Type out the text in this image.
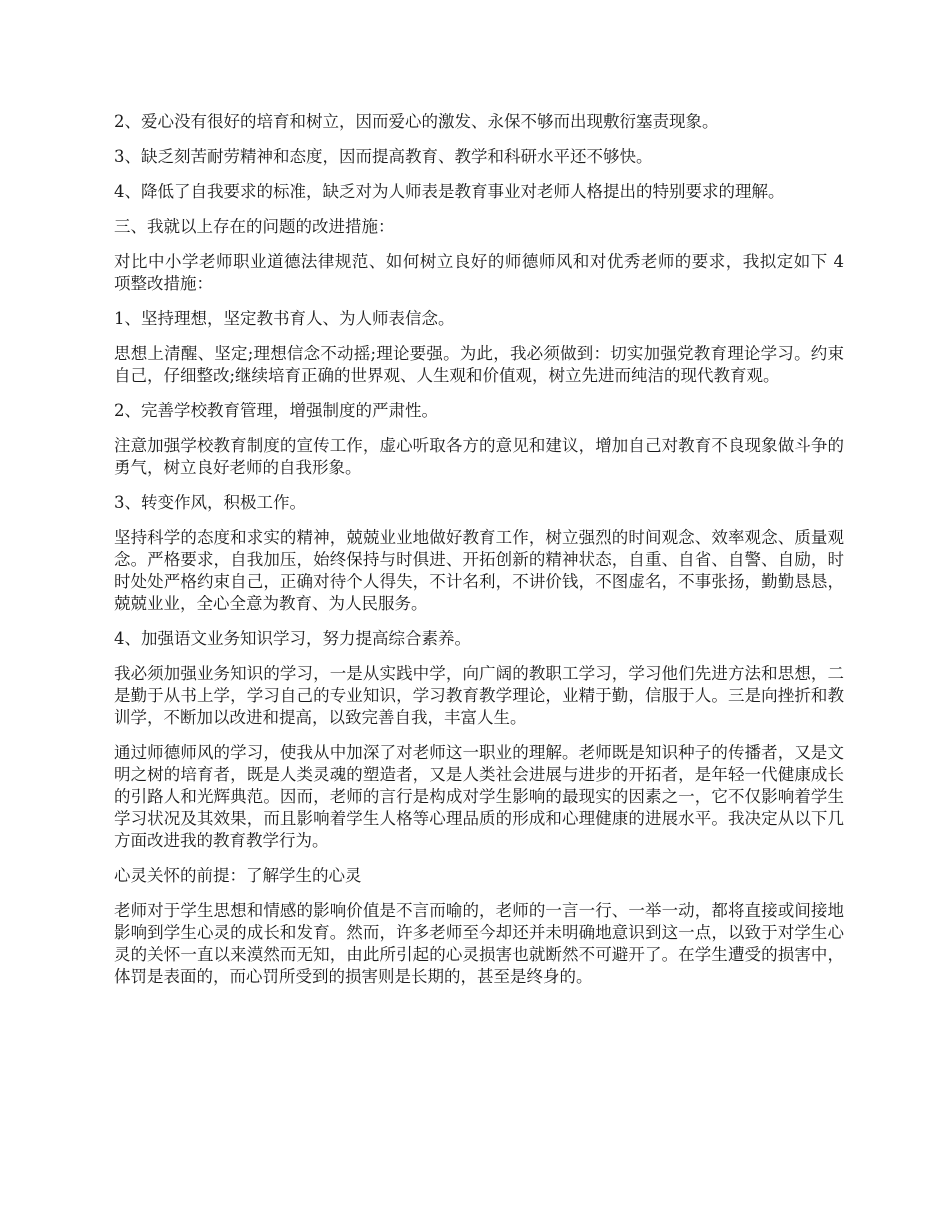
2、爱心没有很好的培育和树立，因而爱心的激发、永保不够而出现敷衍塞责现象。

3、缺乏刻苦耐劳精神和态度，因而提高教育、教学和科研水平还不够快。

4、降低了自我要求的标准，缺乏对为人师表是教育事业对老师人格提出的特别要求的理解。

三、我就以上存在的问题的改进措施：

对比中小学老师职业道德法律规范、如何树立良好的师德师风和对优秀老师的要求，我拟定如下 4 项整改措施：

1、坚持理想，坚定教书育人、为人师表信念。

思想上清醒、坚定;理想信念不动摇;理论要强。为此，我必须做到：切实加强党教育理论学习。约束自己，仔细整改;继续培育正确的世界观、人生观和价值观，树立先进而纯洁的现代教育观。

2、完善学校教育管理，增强制度的严肃性。

注意加强学校教育制度的宣传工作，虚心听取各方的意见和建议，增加自己对教育不良现象做斗争的勇气，树立良好老师的自我形象。

3、转变作风，积极工作。

坚持科学的态度和求实的精神，兢兢业业地做好教育工作，树立强烈的时间观念、效率观念、质量观念。严格要求，自我加压，始终保持与时俱进、开拓创新的精神状态，自重、自省、自警、自励，时时处处严格约束自己，正确对待个人得失，不计名利，不讲价钱，不图虚名，不事张扬，勤勤恳恳，兢兢业业，全心全意为教育、为人民服务。

4、加强语文业务知识学习，努力提高综合素养。

我必须加强业务知识的学习，一是从实践中学，向广阔的教职工学习，学习他们先进方法和思想，二是勤于从书上学，学习自己的专业知识，学习教育教学理论，业精于勤，信服于人。三是向挫折和教训学，不断加以改进和提高，以致完善自我，丰富人生。

通过师德师风的学习，使我从中加深了对老师这一职业的理解。老师既是知识种子的传播者，又是文明之树的培育者，既是人类灵魂的塑造者，又是人类社会进展与进步的开拓者，是年轻一代健康成长的引路人和光辉典范。因而，老师的言行是构成对学生影响的最现实的因素之一，它不仅影响着学生学习状况及其效果，而且影响着学生人格等心理品质的形成和心理健康的进展水平。我决定从以下几方面改进我的教育教学行为。

心灵关怀的前提：了解学生的心灵

老师对于学生思想和情感的影响价值是不言而喻的，老师的一言一行、一举一动，都将直接或间接地影响到学生心灵的成长和发育。然而，许多老师至今却还并未明确地意识到这一点，以致于对学生心灵的关怀一直以来漠然而无知，由此所引起的心灵损害也就断然不可避开了。在学生遭受的损害中，体罚是表面的，而心罚所受到的损害则是长期的，甚至是终身的。
